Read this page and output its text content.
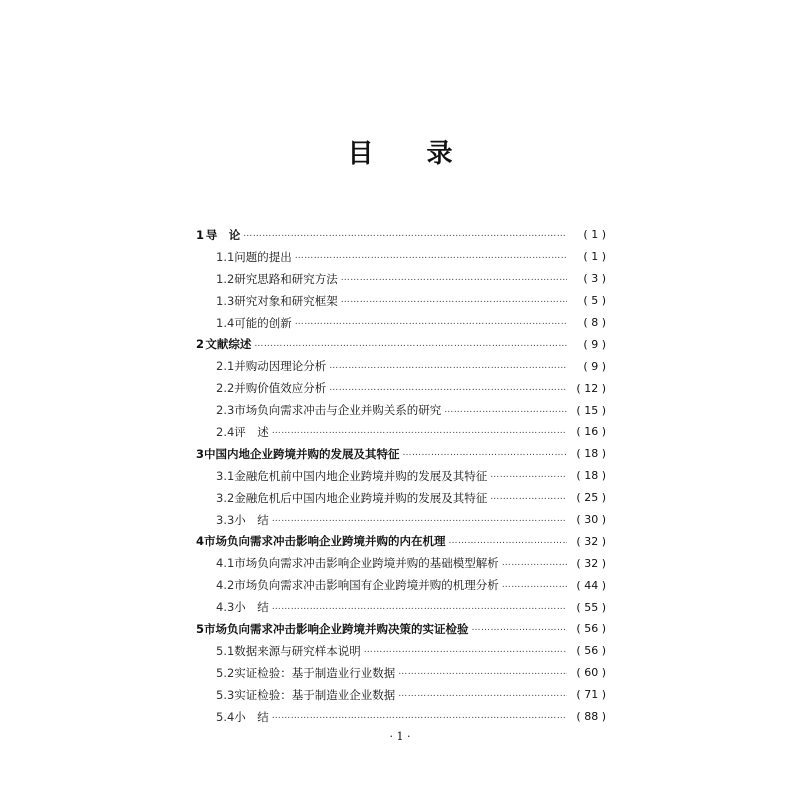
目 录
1 导　论 …………………………………………………………………………………………………………………………………………………………………………………………	( 1 )
1.1 问题的提出 …………………………………………………………………………………………………………………………………………………………………………………………	( 1 )
1.2 研究思路和研究方法 …………………………………………………………………………………………………………………………………………………………………………………………	( 3 )
1.3 研究对象和研究框架 …………………………………………………………………………………………………………………………………………………………………………………………	( 5 )
1.4 可能的创新 …………………………………………………………………………………………………………………………………………………………………………………………	( 8 )
2 文献综述 …………………………………………………………………………………………………………………………………………………………………………………………	( 9 )
2.1 并购动因理论分析 …………………………………………………………………………………………………………………………………………………………………………………………	( 9 )
2.2 并购价值效应分析 …………………………………………………………………………………………………………………………………………………………………………………………	( 12 )
2.3 市场负向需求冲击与企业并购关系的研究 …………………………………………………………………………………………………………………………………………………………………………………………	( 15 )
2.4 评　述 …………………………………………………………………………………………………………………………………………………………………………………………	( 16 )
3 中国内地企业跨境并购的发展及其特征 …………………………………………………………………………………………………………………………………………………………………………………………	( 18 )
3.1 金融危机前中国内地企业跨境并购的发展及其特征 …………………………………………………………………………………………………………………………………………………………………………………………	( 18 )
3.2 金融危机后中国内地企业跨境并购的发展及其特征 …………………………………………………………………………………………………………………………………………………………………………………………	( 25 )
3.3 小　结 …………………………………………………………………………………………………………………………………………………………………………………………	( 30 )
4 市场负向需求冲击影响企业跨境并购的内在机理 …………………………………………………………………………………………………………………………………………………………………………………………	( 32 )
4.1 市场负向需求冲击影响企业跨境并购的基础模型解析 …………………………………………………………………………………………………………………………………………………………………………………………	( 32 )
4.2 市场负向需求冲击影响国有企业跨境并购的机理分析 …………………………………………………………………………………………………………………………………………………………………………………………	( 44 )
4.3 小　结 …………………………………………………………………………………………………………………………………………………………………………………………	( 55 )
5 市场负向需求冲击影响企业跨境并购决策的实证检验 …………………………………………………………………………………………………………………………………………………………………………………………	( 56 )
5.1 数据来源与研究样本说明 …………………………………………………………………………………………………………………………………………………………………………………………	( 56 )
5.2 实证检验：基于制造业行业数据 …………………………………………………………………………………………………………………………………………………………………………………………	( 60 )
5.3 实证检验：基于制造业企业数据 …………………………………………………………………………………………………………………………………………………………………………………………	( 71 )
5.4 小　结 …………………………………………………………………………………………………………………………………………………………………………………………	( 88 )
· 1 ·
